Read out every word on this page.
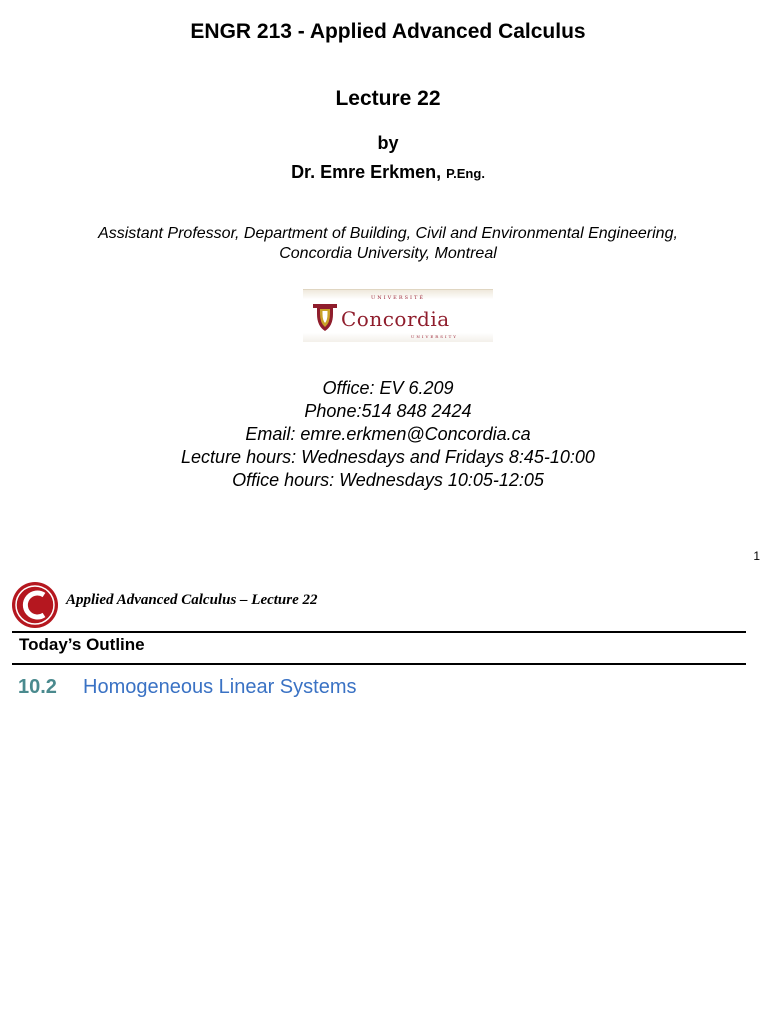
ENGR 213 - Applied Advanced Calculus
Lecture 22
by
Dr. Emre Erkmen, P.Eng.
Assistant Professor, Department of Building, Civil and Environmental Engineering,
Concordia University, Montreal
UNIVERSITÉ
Concordia
UNIVERSITY
Office: EV 6.209
Phone:514 848 2424
Email: emre.erkmen@Concordia.ca
Lecture hours: Wednesdays and Fridays 8:45-10:00
Office hours: Wednesdays 10:05-12:05
1
Applied Advanced Calculus – Lecture 22
Today’s Outline
10.2 Homogeneous Linear Systems
